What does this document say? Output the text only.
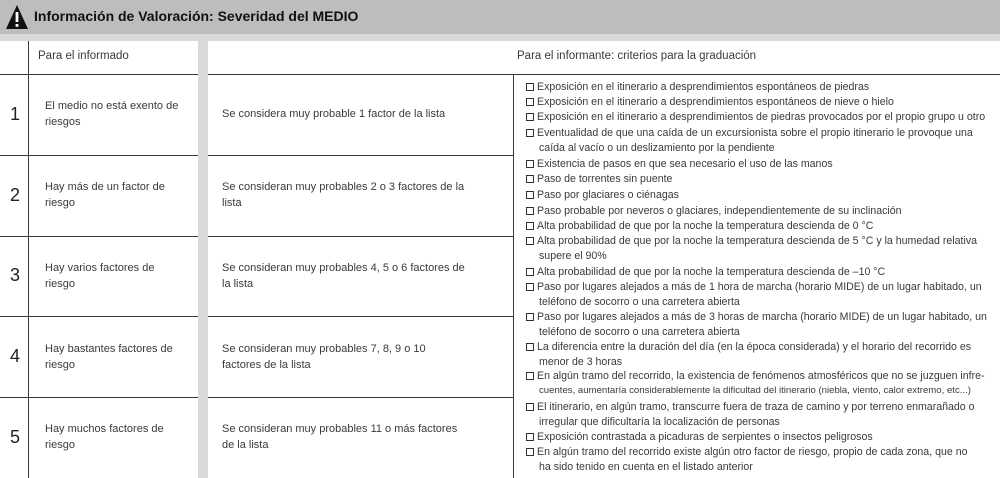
Información de Valoración: Severidad del MEDIO
Para el informado	Para el informante: criterios para la graduación
1 El medio no está exento de riesgos
Se considera muy probable 1 factor de la lista
2 Hay más de un factor de riesgo
Se consideran muy probables 2 o 3 factores de la lista
3 Hay varios factores de riesgo
Se consideran muy probables 4, 5 o 6 factores de la lista
4 Hay bastantes factores de riesgo
Se consideran muy probables 7, 8, 9 o 10 factores de la lista
5 Hay muchos factores de riesgo
Se consideran muy probables 11 o más factores de la lista
Exposición en el itinerario a desprendimientos espontáneos de piedras
Exposición en el itinerario a desprendimientos espontáneos de nieve o hielo
Exposición en el itinerario a desprendimientos de piedras provocados por el propio grupo u otro
Eventualidad de que una caída de un excursionista sobre el propio itinerario le provoque una
caída al vacío o un deslizamiento por la pendiente
Existencia de pasos en que sea necesario el uso de las manos
Paso de torrentes sin puente
Paso por glaciares o ciénagas
Paso probable por neveros o glaciares, independientemente de su inclinación
Alta probabilidad de que por la noche la temperatura descienda de 0 °C
Alta probabilidad de que por la noche la temperatura descienda de 5 °C y la humedad relativa
supere el 90%
Alta probabilidad de que por la noche la temperatura descienda de –10 °C
Paso por lugares alejados a más de 1 hora de marcha (horario MIDE) de un lugar habitado, un
teléfono de socorro o una carretera abierta
Paso por lugares alejados a más de 3 horas de marcha (horario MIDE) de un lugar habitado, un
teléfono de socorro o una carretera abierta
La diferencia entre la duración del día (en la época considerada) y el horario del recorrido es
menor de 3 horas
En algún tramo del recorrido, la existencia de fenómenos atmosféricos que no se juzguen infre-
cuentes, aumentaría considerablemente la dificultad del itinerario (niebla, viento, calor extremo, etc...)
El itinerario, en algún tramo, transcurre fuera de traza de camino y por terreno enmarañado o
irregular que dificultaría la localización de personas
Exposición contrastada a picaduras de serpientes o insectos peligrosos
En algún tramo del recorrido existe algún otro factor de riesgo, propio de cada zona, que no
ha sido tenido en cuenta en el listado anterior
